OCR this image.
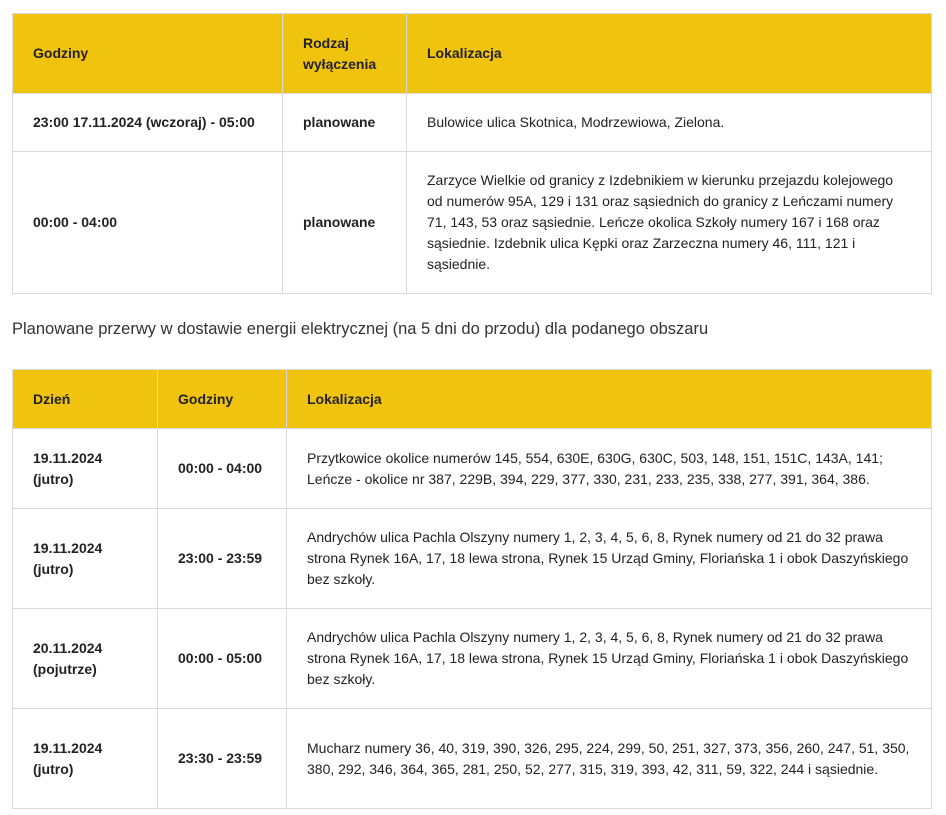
Godziny	Rodzaj wyłączenia	Lokalizacja
23:00 17.11.2024 (wczoraj) - 05:00	planowane	Bulowice ulica Skotnica, Modrzewiowa, Zielona.
00:00 - 04:00	planowane	Zarzyce Wielkie od granicy z Izdebnikiem w kierunku przejazdu kolejowego od numerów 95A, 129 i 131 oraz sąsiednich do granicy z Leńczami numery 71, 143, 53 oraz sąsiednie. Leńcze okolica Szkoły numery 167 i 168 oraz sąsiednie. Izdebnik ulica Kępki oraz Zarzeczna numery 46, 111, 121 i sąsiednie.

Planowane przerwy w dostawie energii elektrycznej (na 5 dni do przodu) dla podanego obszaru

Dzień	Godziny	Lokalizacja
19.11.2024
(jutro)	00:00 - 04:00	Przytkowice okolice numerów 145, 554, 630E, 630G, 630C, 503, 148, 151, 151C, 143A, 141; Leńcze - okolice nr 387, 229B, 394, 229, 377, 330, 231, 233, 235, 338, 277, 391, 364, 386.
19.11.2024
(jutro)	23:00 - 23:59	Andrychów ulica Pachla Olszyny numery 1, 2, 3, 4, 5, 6, 8, Rynek numery od 21 do 32 prawa strona Rynek 16A, 17, 18 lewa strona, Rynek 15 Urząd Gminy, Floriańska 1 i obok Daszyńskiego bez szkoły.
20.11.2024
(pojutrze)	00:00 - 05:00	Andrychów ulica Pachla Olszyny numery 1, 2, 3, 4, 5, 6, 8, Rynek numery od 21 do 32 prawa strona Rynek 16A, 17, 18 lewa strona, Rynek 15 Urząd Gminy, Floriańska 1 i obok Daszyńskiego bez szkoły.
19.11.2024
(jutro)	23:30 - 23:59	Mucharz numery 36, 40, 319, 390, 326, 295, 224, 299, 50, 251, 327, 373, 356, 260, 247, 51, 350, 380, 292, 346, 364, 365, 281, 250, 52, 277, 315, 319, 393, 42, 311, 59, 322, 244 i sąsiednie.
